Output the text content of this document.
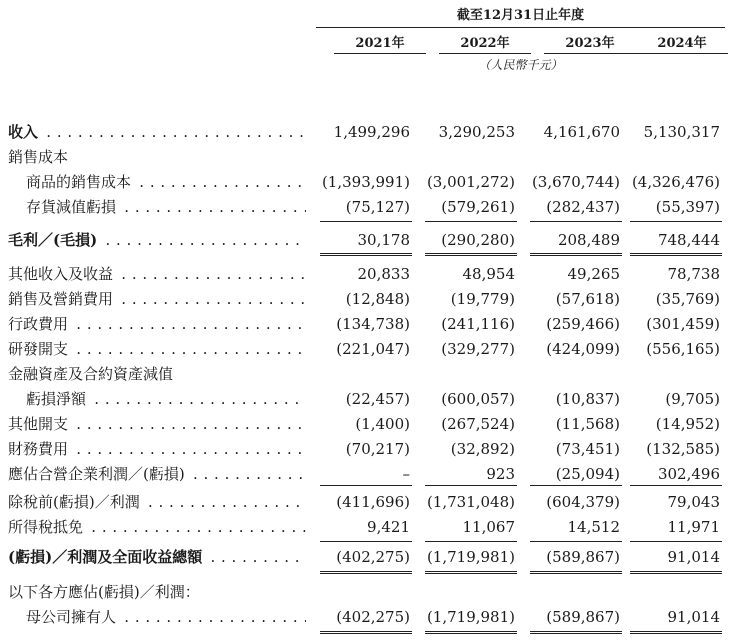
截至12月31日止年度
2021年	2022年	2023年	2024年
（人民幣千元）
收入 . . .	1,499,296	3,290,253	4,161,670	5,130,317
銷售成本
商品的銷售成本 . . .	(1,393,991)	(3,001,272)	(3,670,744) (4,326,476)
存貨減值虧損 . . .	(75,127)	(579,261)	(282,437)	(55,397)
毛利／(毛損) . . .	30,178	(290,280)	208,489	748,444
其他收入及收益 . . .	20,833	48,954	49,265	78,738
銷售及營銷費用 . . .	(12,848)	(19,779)	(57,618)	(35,769)
行政費用 . . .	(134,738)	(241,116)	(259,466)	(301,459)
研發開支 . . .	(221,047)	(329,277)	(424,099)	(556,165)
金融資產及合約資產減值
虧損淨額 . . .	(22,457)	(600,057)	(10,837)	(9,705)
其他開支 . . .	(1,400)	(267,524)	(11,568)	(14,952)
財務費用 . . .	(70,217)	(32,892)	(73,451)	(132,585)
應佔合營企業利潤／(虧損) . . .	–	923	(25,094)	302,496
除稅前(虧損)／利潤 . . .	(411,696)	(1,731,048)	(604,379)	79,043
所得稅抵免 . . .	9,421	11,067	14,512	11,971
(虧損)／利潤及全面收益總額 . . .	(402,275)	(1,719,981)	(589,867)	91,014
以下各方應佔(虧損)／利潤：
母公司擁有人 . . .	(402,275)	(1,719,981)	(589,867)	91,014
